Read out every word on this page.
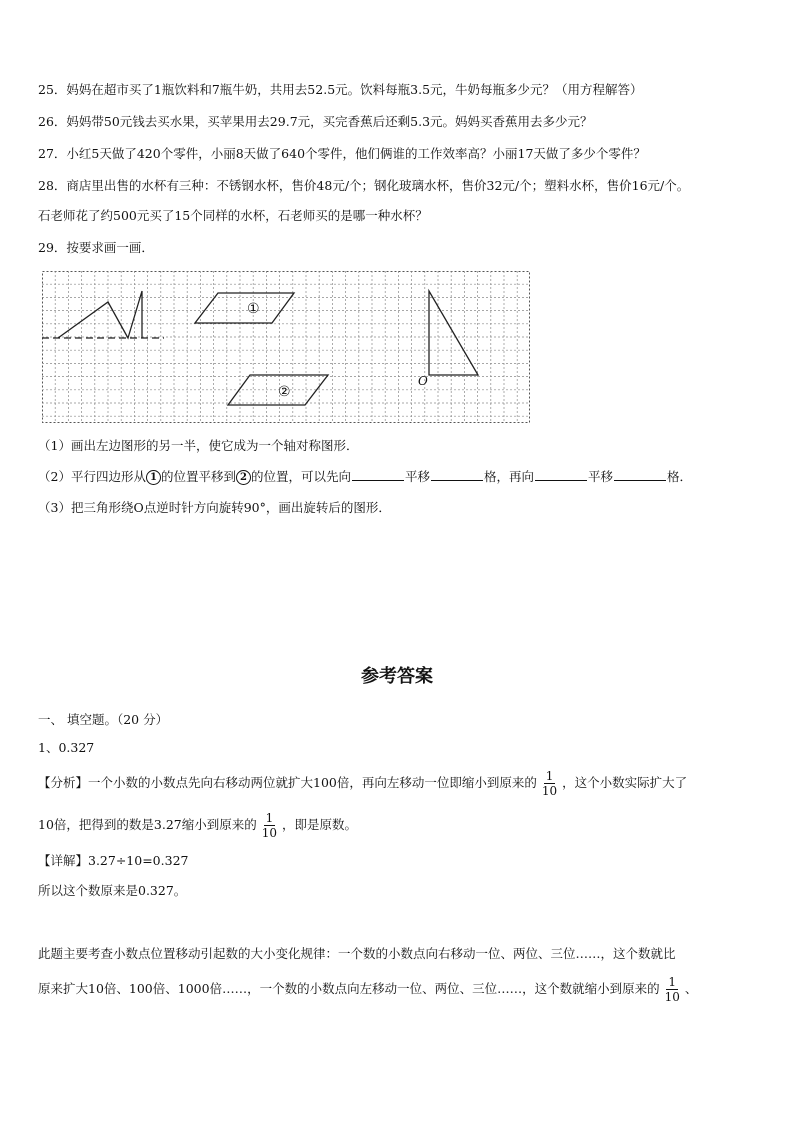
25．妈妈在超市买了1瓶饮料和7瓶牛奶，共用去52.5元。饮料每瓶3.5元，牛奶每瓶多少元？（用方程解答）
26．妈妈带50元钱去买水果，买苹果用去29.7元，买完香蕉后还剩5.3元。妈妈买香蕉用去多少元？
27．小红5天做了420个零件，小丽8天做了640个零件，他们俩谁的工作效率高？小丽17天做了多少个零件？
28．商店里出售的水杯有三种：不锈钢水杯，售价48元/个；钢化玻璃水杯，售价32元/个；塑料水杯，售价16元/个。
石老师花了约500元买了15个同样的水杯，石老师买的是哪一种水杯？
29．按要求画一画．
①
②
O
（1）画出左边图形的另一半，使它成为一个轴对称图形．
（2）平行四边形从 1 的位置平移到 2 的位置，可以先向	平移	格，再向	平移	格．
（3）把三角形绕O点逆时针方向旋转90°，画出旋转后的图形．
参考答案
一、 填空题。（20 分）
1、0.327
【分析】一个小数的小数点先向右移动两位就扩大100倍，再向左移动一位即缩小到原来的 $\frac{1}{10}$ ，这个小数实际扩大了
10倍，把得到的数是3.27缩小到原来的 $\frac{1}{10}$ ，即是原数。
【详解】3.27÷10=0.327
所以这个数原来是0.327。
此题主要考查小数点位置移动引起数的大小变化规律：一个数的小数点向右移动一位、两位、三位……，这个数就比
原来扩大10倍、100倍、1000倍……，一个数的小数点向左移动一位、两位、三位……，这个数就缩小到原来的 $\frac{1}{10}$ 、
